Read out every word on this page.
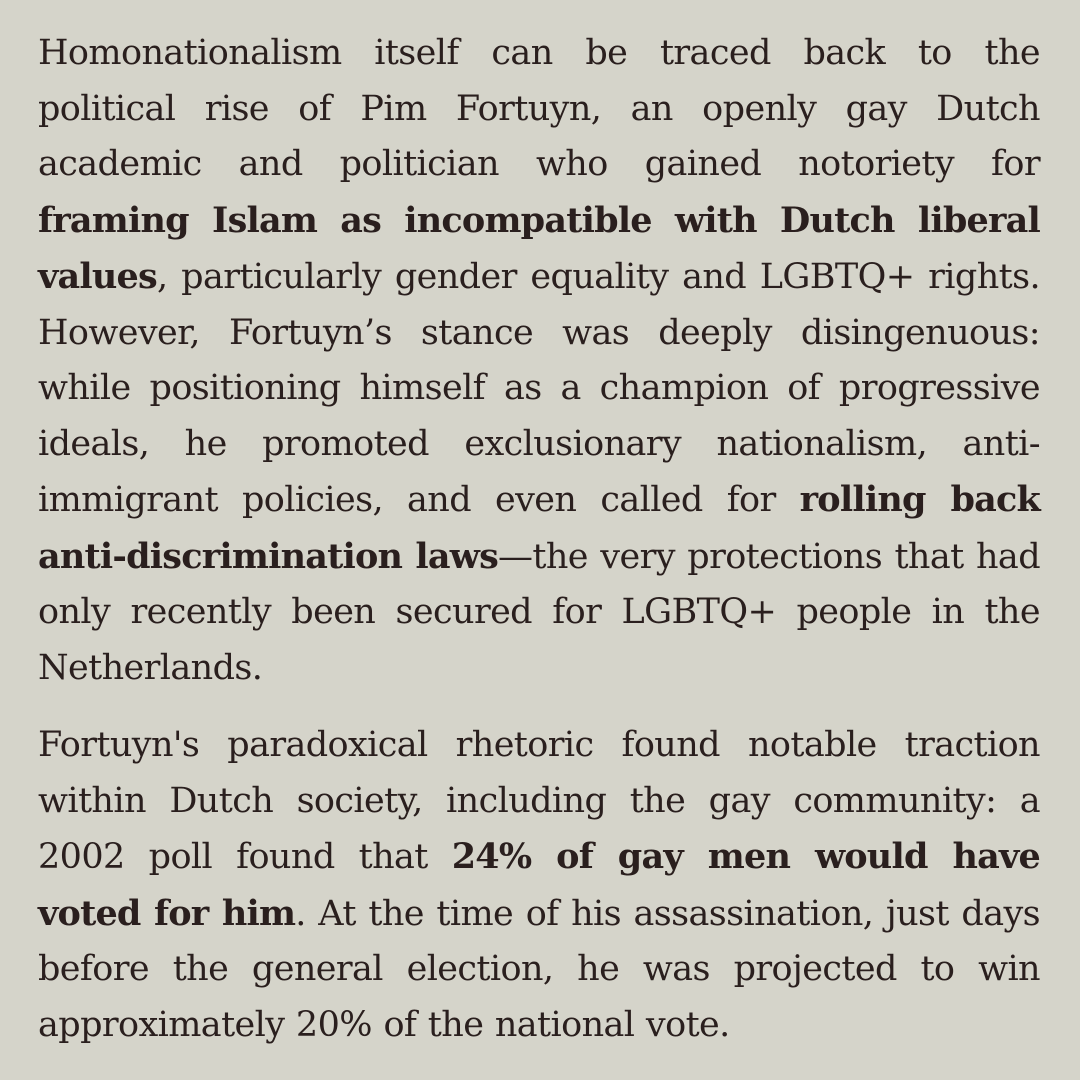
Homonationalism itself can be traced back to the political rise of Pim Fortuyn, an openly gay Dutch academic and politician who gained notoriety for framing Islam as incompatible with Dutch liberal values, particularly gender equality and LGBTQ+ rights. However, Fortuyn’s stance was deeply disingenuous: while positioning himself as a champion of progressive ideals, he promoted exclusionary nationalism, anti-immigrant policies, and even called for rolling back anti-discrimination laws—the very protections that had only recently been secured for LGBTQ+ people in the Netherlands.

Fortuyn's paradoxical rhetoric found notable traction within Dutch society, including the gay community: a 2002 poll found that 24% of gay men would have voted for him. At the time of his assassination, just days before the general election, he was projected to win approximately 20% of the national vote.
